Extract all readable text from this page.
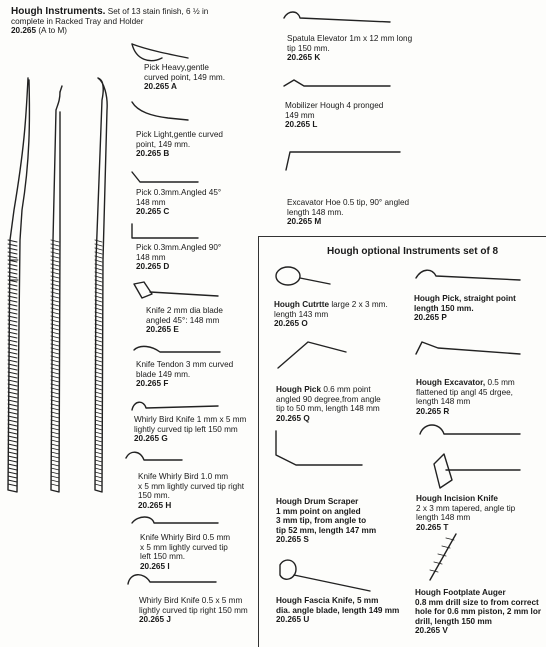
Hough Instruments. Set of 13 stain finish, 6 ½ in
complete in Racked Tray and Holder
20.265 (A to M)
Pick Heavy,gentle
curved point, 149 mm.
20.265 A
Pick Light,gentle curved
point, 149 mm.
20.265 B
Pick 0.3mm.Angled 45°
148 mm
20.265 C
Pick 0.3mm.Angled 90°
148 mm
20.265 D
Knife 2 mm dia blade
angled 45°: 148 mm
20.265 E
Knife Tendon 3 mm curved
blade 149 mm.
20.265 F
Whirly Bird Knife 1 mm x 5 mm
lightly curved tip left 150 mm
20.265 G
Knife Whirly Bird 1.0 mm
x 5 mm lightly curved tip right
150 mm.
20.265 H
Knife Whirly Bird 0.5 mm
x 5 mm lightly curved tip
left 150 mm.
20.265 I
Whirly Bird Knife 0.5 x 5 mm
lightly curved tip right 150 mm
20.265 J
Spatula Elevator 1m x 12 mm long
tip 150 mm.
20.265 K
Mobilizer Hough 4 pronged
149 mm
20.265 L
Excavator Hoe 0.5 tip, 90° angled
length 148 mm.
20.265 M
Hough optional Instruments set of 8
Hough Cutrtte large 2 x 3 mm.
length 143 mm
20.265 O
Hough Pick, straight point
length 150 mm.
20.265 P
Hough Pick 0.6 mm point
angled 90 degree,from angle
tip to 50 mm, length 148 mm
20.265 Q
Hough Excavator, 0.5 mm
flattened tip angl 45 drgee,
length 148 mm
20.265 R
Hough Incision Knife
2 x 3 mm tapered, angle tip
length 148 mm
20.265 T
Hough Drum Scraper
1 mm point on angled
3 mm tip, from angle to
tip 52 mm, length 147 mm
20.265 S
Hough Fascia Knife, 5 mm
dia. angle blade, length 149 mm
20.265 U
Hough Footplate Auger
0.8 mm drill size to from correct
hole for 0.6 mm piston, 2 mm lor
drill, length 150 mm
20.265 V
